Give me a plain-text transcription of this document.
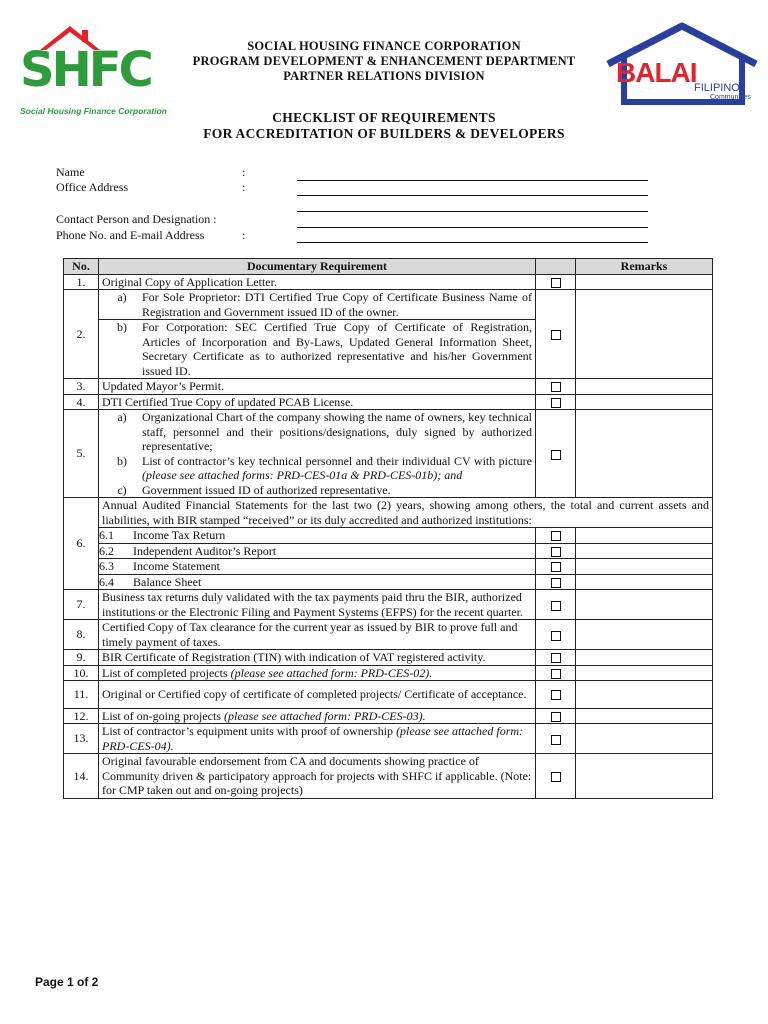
SHFC
Social Housing Finance Corporation
SOCIAL HOUSING FINANCE CORPORATION
PROGRAM DEVELOPMENT & ENHANCEMENT DEPARTMENT
PARTNER RELATIONS DIVISION	BALAI
FILIPINO
Communities
CHECKLIST OF REQUIREMENTS
FOR ACCREDITATION OF BUILDERS & DEVELOPERS
Name	:
Office Address	:
Contact Person and Designation :
Phone No. and E-mail Address	:
No.	Documentary Requirement		Remarks
1.	Original Copy of Application Letter.		
2.	
a)	For Sole Proprietor: DTI Certified True Copy of Certificate Business Name of Registration and Government issued ID of the owner.
b)	For Corporation: SEC Certified True Copy of Certificate of Registration, Articles of Incorporation and By-Laws, Updated General Information Sheet, Secretary Certificate as to authorized representative and his/her Government issued ID.

3.	Updated Mayor’s Permit.		
4.	DTI Certified True Copy of updated PCAB License.		
5.	
a)	Organizational Chart of the company showing the name of owners, key technical staff, personnel and their positions/designations, duly signed by authorized representative;
b)	List of contractor’s key technical personnel and their individual CV with picture (please see attached forms: PRD-CES-01a & PRD-CES-01b); and
c)	Government issued ID of authorized representative.

6.	Annual Audited Financial Statements for the last two (2) years, showing among others, the total and current assets and liabilities, with BIR stamped “received” or its duly accredited and authorized institutions:

6.1	Income Tax Return

6.2	Independent Auditor’s Report

6.3	Income Statement

6.4	Balance Sheet

7.	Business tax returns duly validated with the tax payments paid thru the BIR, authorized institutions or the Electronic Filing and Payment Systems (EFPS) for the recent quarter.		
8.	Certified Copy of Tax clearance for the current year as issued by BIR to prove full and timely payment of taxes.		
9.	BIR Certificate of Registration (TIN) with indication of VAT registered activity.		
10.	List of completed projects (please see attached form: PRD-CES-02).		
11.	Original or Certified copy of certificate of completed projects/ Certificate of acceptance.		
12.	List of on-going projects (please see attached form: PRD-CES-03).		
13.	List of contractor’s equipment units with proof of ownership (please see attached form: PRD-CES-04).		
14.	Original favourable endorsement from CA and documents showing practice of Community driven & participatory approach for projects with SHFC if applicable. (Note: for CMP taken out and on-going projects)		
Page 1 of 2
